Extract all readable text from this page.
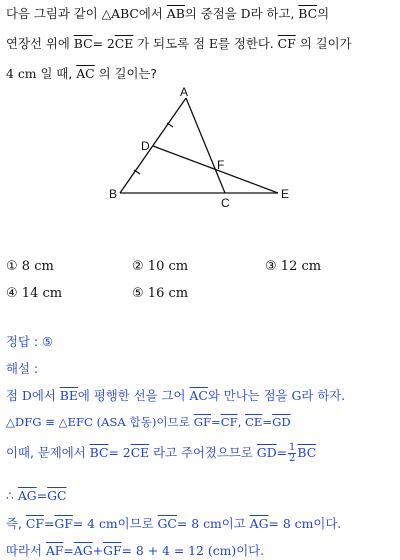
다음 그림과 같이 △ABC에서 $\overline{AB}$의 중점을 D라 하고, $\overline{BC}$의
연장선 위에 $\overline{BC}= 2\overline{CE}$ 가 되도록 점 E를 정한다. $\overline{CF}$ 의 길이가
4 cm 일 때, $\overline{AC}$ 의 길이는?
A
D
F
B
C
E
① 8 cm	② 10 cm	③ 12 cm
④ 14 cm	⑤ 16 cm
정답 : ⑤
해설 :
점 D에서 $\overline{BE}$에 평행한 선을 그어 $\overline{AC}$와 만나는 점을 G라 하자.
△DFG ≡ △EFC (ASA 합동)이므로 $\overline{GF}=\overline{CF}$, $\overline{CE}=\overline{GD}$
이때, 문제에서 $\overline{BC}= 2\overline{CE}$ 라고 주어졌으므로 $\overline{GD}= \frac{1}{2} \overline{BC}$
∴ $\overline{AG}=\overline{GC}$
즉, $\overline{CF}=\overline{GF}= 4$ cm이므로 $\overline{GC}= 8$ cm이고 $\overline{AG}= 8$ cm이다.
따라서 $\overline{AF}=\overline{AG}+\overline{GF}= 8 + 4 = 12$ (cm)이다.
